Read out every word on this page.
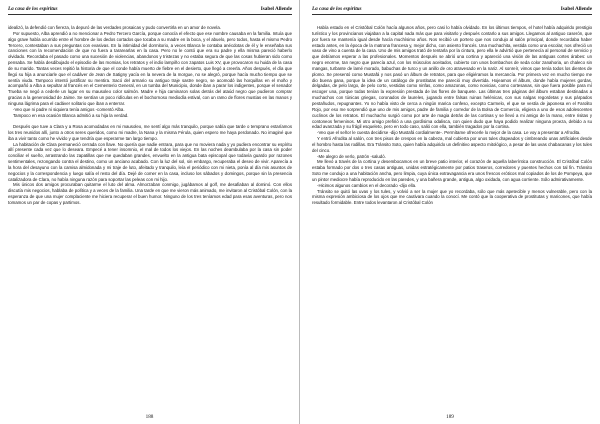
La casa de los espíritus	Isabel Allende

idealizó, la defendió con fiereza, la depuró de las verdades prosaicas y pudo convertirla en un amor de novela.

Por supuesto, Alba aprendió a no mencionar a Pedro Tercero García, porque conocía el efecto que ese nombre causaba en la familia. Intuía que algo grave había ocurrido entre el hombre de los dedos cortados que tocaba a su madre en la boca, y el abuelo, pero todos, hasta el mismo Pedro Tercero, contestaban a sus preguntas con evasivas. En la intimidad del dormitorio, a veces Blanca le contaba anécdotas de él y le enseñaba sus canciones con la recomendación de que no fuera a tararearlas en la casa. Pero no le contó que era su padre y ella misma pareció haberlo olvidado. Recordaba el pasado como una sucesión de violencias, abandonos y tristezas y no estaba segura de que las cosas hubieran sido como pensaba. Se había desdibujado el episodio de las momias, los retratos y el indio lampiño con zapatos Luis XV, que provocaron su huida de la casa de su marido. Tantas veces repitió la historia de que el conde había muerto de fiebre en el desierto, que llegó a creerla. Años después, el día que llegó su hija a anunciarle que el cadáver de Jean de Satigny yacía en la nevera de la morgue, no se alegró, porque hacía mucho tiempo que se sentía viuda. Tampoco intentó justificar su mentira. Sacó del armario su antiguo traje sastre negro, se acomodó las horquillas en el moño y acompañó a Alba a sepultar al francés en el Cementerio General, en un tumba del Municipio, donde iban a parar los indigentes, porque el senador Trueba se negó a cederle un lugar en su mausoleo color salmón. Madre e hija caminaron solas detrás del ataúd negro que pudieron comprar gracias a la generosidad de Jaime. Se sentían un poco ridículas en el bochornoso mediodía estival, con un ramo de flores mustias en las manos y ninguna lágrima para el cadáver solitario que iban a enterrar.

-Veo que ni padre ni siquiera tenía amigos -comentó Alba.

Tampoco en esa ocasión Blanca admitió a su hija la verdad.

Después que tuve a Clara y a Rosa acomodadas en mi mausoleo, me sentí algo más tranquilo, porque sabía que tarde o temprano estaríamos los tres reunidos allí, junto a otros seres queridos, como mi madre, la Nana y la misma Férula, quien espero me haya perdonado. No imaginé que iba a vivir tanto como he vivido y que tendría que esperarme tan largo tiempo.

La habitación de Clara permaneció cerrada con llave. No quería que nadie entrara, para que no moviera nada y yo pudiera encontrar su espíritu allí presente cada vez que lo deseara. Empecé a tener insomnio, el mal de todos los viejos. En las noches deambulaba por la casa sin poder conciliar el sueño, arrastrando las zapatillas que me quedaban grandes, envuelto en la antigua bata episcopal que todavía guardo por razones sentimentales, rezongando contra el destino, como un anciano acabado. Con la luz del sol, sin embargo, recuperaba el deseo de vivir. Aparecía a la hora del desayuno con la camisa almidonada y mi traje de luto, afeitado y tranquilo, leía el periódico con mi nieta, ponía al día mis asuntos de negocios y la correspondencia y luego salía el resto del día. Dejé de comer en la casa, incluso los sábados y domingos, porque sin la presencia catalizadora de Clara, no había ninguna razón para soportar las peleas con mi hijo.

Mis únicos dos amigos procuraban quitarme el luto del alma. Almorzaban conmigo, jugábamos al golf, me desafiaban al dominó. Con ellos discutía mis negocios, hablaba de política y a veces de la familia. Una tarde en que me vieron más animado, me invitaron al Cristóbal Colón, con la esperanza de que una mujer complaciente me hiciera recuperar el buen humor. Ninguno de los tres teníamos edad para esas aventuras, pero nos tomamos un par de copas y partimos.

188
La casa de los espíritus	Isabel Allende

Había estado en el Cristóbal Colón hacía algunos años, pero casi lo había olvidado. En los últimos tiempos, el hotel había adquirido prestigio turístico y los provincianos viajaban a la capital nada más que para visitarlo y después contarlo a sus amigos. Llegamos al antiguo caserón, que por fuera se mantenía igual desde hacía muchísimo años. Nos recibió un portero que nos condujo al salón principal, donde recordaba haber estado antes, en la época de la matrona francesa y, mejor dicho, con asiento francés. Una muchachita, vestida como una escolar, nos ofreció un vaso de vino a cuenta de la casa. Uno de mis amigos trató de tentarla por la cintura, pero ella le advirtió que pertenecía al personal de servicio y que debíamos esperar a las profesionales. Momentos después se abrió una cortina y apareció una visión de las antiguas cortes árabes: un negro enorme, tan negro que parecía azul, con los músculos aceitados, cubierto con unos bombachos de seda color zanahoria, un chaleco sin mangas, turbante de lamé morado, babuchas de turco y un anillo de oro atravesado en la nariz. Al sonreír, vimos que tenía todos los dientes de plomo. Se presentó como Mustafá y nos pasó un álbum de retratos, para que eligiéramos la mercancía. Por primera vez en mucho tiempo me dio buena gana, porque la idea de un catálogo de prostitutas me pareció muy divertida. Hojeamos el álbum, donde había mujeres gordas, delgadas, de pelo largo, de pelo corto, vestidas como ninfas, como amazonas, como novicias, como cortesanas, sin que fuera posible para mí escoger una, porque todas tenían la expresión prestada de las flores de banquete. Las últimas tres páginas del álbum estaban destinadas a muchachos con túnicas griegas, coronados de laureles, jugando entre falsas ruinas helénicas, con sus nalgas regordetas y sus párpados pestañudos, repugnantes. Yo no había visto de cerca a ningún marica confeso, excepto Carmelo, el que se vestía de japonesa en el Farolito Rojo, por eso me sorprendió que uno de mis amigos, padre de familia y corredor de la Bolsa de Comercio, eligiera a uno de esos adolescentes cuclinos de los retratos. El muchacho surgió como por arte de magia detrás de las cortinas y se llevó a mi amigo de la mano, entre risitas y contoneos femeninos. Mi otro amigo prefirió a una gordísima odalisca, con quien dudo que haya podido realizar ninguna proeza, debido a su edad avanzada y su frágil esqueleto, pero en todo caso, salió con ella, también tragados por la cortina.

-Veo que el señor le cuesta decidirse -dijo Mustafá cordialmente-. Permítame ofrecerle lo mejor de la casa. Le voy a presentar a Afrodita.

Y entró Afrodita al salón, con tres pisos de crespos en la cabeza, mal cubierta por unos tules drapeados y cimbreando unas artificiales desde el hombro hasta las rodillas. Era Tránsito Soto, quien había adquirido un definitivo aspecto mitológico, a pesar de las uvas chabacanas y los tules del cinco.

-Me alegro de verlo, patrón -saludó.

Me llevó a través de la cortina y desembocamos en un breve patio interior, el corazón de aquella laberíntica construcción. El Cristóbal Colón estaba formado por dos o tres casas antiguas, unidas estratégicamente por patios traseros, corredores y puentes hechos con tal fin. Tránsito Soto me condujo a una habitación ancha, pero limpia, cuya única extravagancia era unos frescos eróticos mal copiados de los de Pompeya, que un pintor mediocre había reproducido en las paredes, y una bañera grande, antigua, algo oxidada, con agua corriente. Sólo admirativamente.

-Hicimos algunos cambios en el decorado -dijo ella.

Tránsito se quitó las uvas y los tules, y volvió a ser la mujer que yo recordaba, sólo que más apetecible y menos vulnerable, pero con la misma expresión ambiciosa de los ojos que me cautivara cuando la conocí. Me contó que la cooperativa de prostitutas y maricones, que había resultado formidable. Entre todos levantaron al Cristóbal Colón

189
